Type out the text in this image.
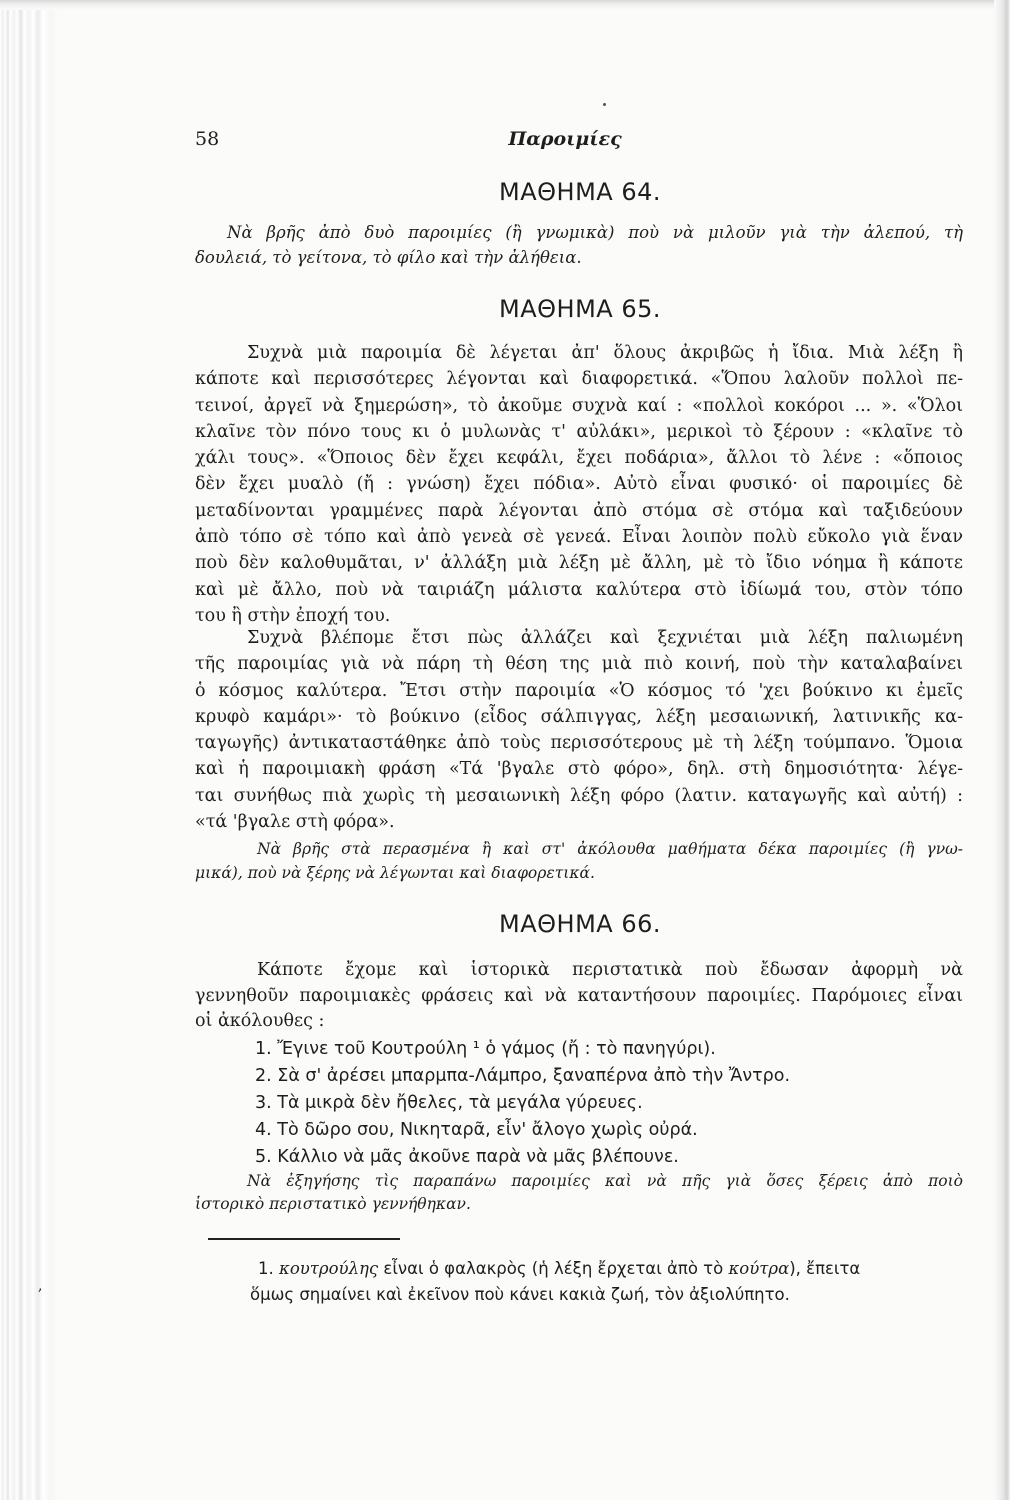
58	Παροιμίες
ΜΑΘΗΜΑ 64.
Νὰ βρῆς ἀπὸ δυὸ παροιμίες (ἢ γνωμικὰ) ποὺ νὰ μιλοῦν γιὰ τὴν ἀλεπού, τὴ
δουλειά, τὸ γείτονα, τὸ φίλο καὶ τὴν ἀλήθεια.
ΜΑΘΗΜΑ 65.
Συχνὰ μιὰ παροιμία δὲ λέγεται ἀπ' ὅλους ἀκριβῶς ἡ ἴδια. Μιὰ λέξη ἢ
κάποτε καὶ περισσότερες λέγονται καὶ διαφορετικά. «Ὅπου λαλοῦν πολλοὶ πε-
τεινοί, ἀργεῖ νὰ ξημερώση», τὸ ἀκοῦμε συχνὰ καί : «πολλοὶ κοκόροι ... ». «Ὅλοι
κλαῖνε τὸν πόνο τους κι ὁ μυλωνὰς τ' αὐλάκι», μερικοὶ τὸ ξέρουν : «κλαῖνε τὸ
χάλι τους». «Ὅποιος δὲν ἔχει κεφάλι, ἔχει ποδάρια», ἄλλοι τὸ λένε : «ὅποιος
δὲν ἔχει μυαλὸ (ἤ : γνώση) ἔχει πόδια». Αὐτὸ εἶναι φυσικό· οἱ παροιμίες δὲ
μεταδίνονται γραμμένες παρὰ λέγονται ἀπὸ στόμα σὲ στόμα καὶ ταξιδεύουν
ἀπὸ τόπο σὲ τόπο καὶ ἀπὸ γενεὰ σὲ γενεά. Εἶναι λοιπὸν πολὺ εὔκολο γιὰ ἕναν
ποὺ δὲν καλοθυμᾶται, ν' ἀλλάξη μιὰ λέξη μὲ ἄλλη, μὲ τὸ ἴδιο νόημα ἢ κάποτε
καὶ μὲ ἄλλο, ποὺ νὰ ταιριάζη μάλιστα καλύτερα στὸ ἰδίωμά του, στὸν τόπο
του ἢ στὴν ἐποχή του.
Συχνὰ βλέπομε ἔτσι πὼς ἀλλάζει καὶ ξεχνιέται μιὰ λέξη παλιωμένη
τῆς παροιμίας γιὰ νὰ πάρη τὴ θέση της μιὰ πιὸ κοινή, ποὺ τὴν καταλαβαίνει
ὁ κόσμος καλύτερα. Ἔτσι στὴν παροιμία «Ὁ κόσμος τό 'χει βούκινο κι ἐμεῖς
κρυφὸ καμάρι»· τὸ βούκινο (εἶδος σάλπιγγας, λέξη μεσαιωνική, λατινικῆς κα-
ταγωγῆς) ἀντικαταστάθηκε ἀπὸ τοὺς περισσότερους μὲ τὴ λέξη τούμπανο. Ὅμοια
καὶ ἡ παροιμιακὴ φράση «Τά 'βγαλε στὸ φόρο», δηλ. στὴ δημοσιότητα· λέγε-
ται συνήθως πιὰ χωρὶς τὴ μεσαιωνικὴ λέξη φόρο (λατιν. καταγωγῆς καὶ αὐτή) :
«τά 'βγαλε στὴ φόρα».
Νὰ βρῆς στὰ περασμένα ἢ καὶ στ' ἀκόλουθα μαθήματα δέκα παροιμίες (ἢ γνω-
μικά), ποὺ νὰ ξέρης νὰ λέγωνται καὶ διαφορετικά.
ΜΑΘΗΜΑ 66.
Κάποτε ἔχομε καὶ ἱστορικὰ περιστατικὰ ποὺ ἔδωσαν ἀφορμὴ νὰ
γεννηθοῦν παροιμιακὲς φράσεις καὶ νὰ καταντήσουν παροιμίες. Παρόμοιες εἶναι
οἱ ἀκόλουθες :
1. Ἔγινε τοῦ Κουτρούλη ¹ ὁ γάμος (ἤ : τὸ πανηγύρι).
2. Σὰ σ' ἀρέσει μπαρμπα-Λάμπρο, ξαναπέρνα ἀπὸ τὴν Ἄντρο.
3. Τὰ μικρὰ δὲν ἤθελες, τὰ μεγάλα γύρευες.
4. Τὸ δῶρο σου, Νικηταρᾶ, εἶν' ἄλογο χωρὶς οὐρά.
5. Κάλλιο νὰ μᾶς ἀκοῦνε παρὰ νὰ μᾶς βλέπουνε.
Νὰ ἐξηγήσης τὶς παραπάνω παροιμίες καὶ νὰ πῆς γιὰ ὅσες ξέρεις ἀπὸ ποιὸ
ἱστορικὸ περιστατικὸ γεννήθηκαν.
1. κουτρούλης εἶναι ὁ φαλακρὸς (ἡ λέξη ἔρχεται ἀπὸ τὸ κούτρα), ἔπειτα
ὅμως σημαίνει καὶ ἐκεῖνον ποὺ κάνει κακιὰ ζωή, τὸν ἀξιολύπητο.
,
